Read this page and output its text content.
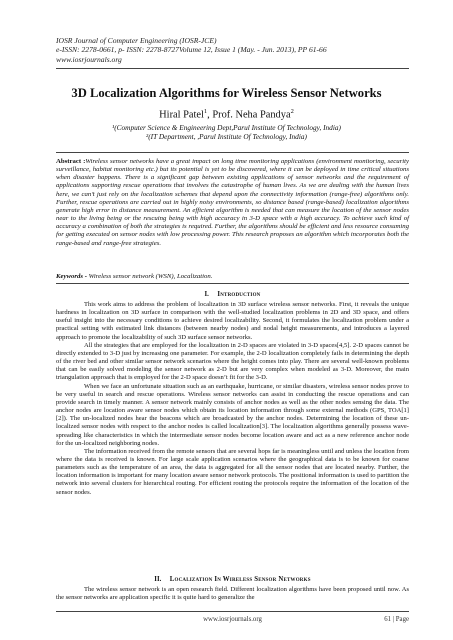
IOSR Journal of Computer Engineering (IOSR-JCE)
e-ISSN: 2278-0661, p- ISSN: 2278-8727Volume 12, Issue 1 (May. - Jun. 2013), PP 61-66
www.iosrjournals.org
3D Localization Algorithms for Wireless Sensor Networks
Hiral Patel$^1$, Prof. Neha Pandya$^2$
¹(Computer Science & Engineering Dept,Parul Institute Of Technology, India)
²(IT Department, ,Parul Institute Of Technology, India)
Abstract :Wireless sensor networks have a great impact on long time monitoring applications (environment monitoring, security surveillance, habitat monitoring etc.) but its potential is yet to be discovered, where it can be deployed in time critical situations when disaster happens. There is a significant gap between existing applications of sensor networks and the requirement of applications supporting rescue operations that involves the catastrophe of human lives. As we are dealing with the human lives here, we can’t just rely on the localization schemes that depend upon the connectivity information (range-free) algorithms only. Further, rescue operations are carried out in highly noisy environments, so distance based (range-based) localization algorithms generate high error in distance measurement. An efficient algorithm is needed that can measure the location of the sensor nodes near to the living being or the rescuing being with high accuracy in 3-D space with a high accuracy. To achieve such kind of accuracy a combination of both the strategies is required. Further, the algorithms should be efficient and less resource consuming for getting executed on sensor nodes with low processing power. This research proposes an algorithm which incorporates both the range-based and range-free strategies.
Keywords - Wireless sensor network (WSN), Localization.
I. Introduction

This work aims to address the problem of localization in 3D surface wireless sensor networks. First, it reveals the unique hardness in localization on 3D surface in comparison with the well-studied localization problems in 2D and 3D space, and offers useful insight into the necessary conditions to achieve desired localizability. Second, it formulates the localization problem under a practical setting with estimated link distances (between nearby nodes) and nodal height measurements, and introduces a layered approach to promote the localizability of such 3D surface sensor networks.

All the strategies that are employed for the localization in 2-D spaces are violated in 3-D spaces[4,5]. 2-D spaces cannot be directly extended to 3-D just by increasing one parameter. For example, the 2-D localization completely fails in determining the depth of the river bed and other similar sensor network scenarios where the height comes into play. There are several well-known problems that can be easily solved modeling the sensor network as 2-D but are very complex when modeled as 3-D. Moreover, the main triangulation approach that is employed for the 2-D space doesn’t fit for the 3-D.

When we face an unfortunate situation such as an earthquake, hurricane, or similar disasters, wireless sensor nodes prove to be very useful in search and rescue operations. Wireless sensor networks can assist in conducting the rescue operations and can provide search in timely manner. A sensor network mainly consists of anchor nodes as well as the other nodes sensing the data. The anchor nodes are location aware sensor nodes which obtain its location information through some external methods (GPS, TOA[1][2]). The un-localized nodes hear the beacons which are broadcasted by the anchor nodes. Determining the location of these un-localized sensor nodes with respect to the anchor nodes is called localization[3]. The localization algorithms generally possess wave-spreading like characteristics in which the intermediate sensor nodes become location aware and act as a new reference anchor node for the un-localized neighboring nodes.

The information received from the remote sensors that are several hops far is meaningless until and unless the location from where the data is received is known. For large scale application scenarios where the geographical data is to be known for coarse parameters such as the temperature of an area, the data is aggregated for all the sensor nodes that are located nearby. Further, the location information is important for many location aware sensor network protocols. The positional information is used to partition the network into several clusters for hierarchical routing. For efficient routing the protocols require the information of the location of the sensor nodes.

II. Localization In Wireless Sensor Networks

The wireless sensor network is an open research field. Different localization algorithms have been proposed until now. As the sensor networks are application specific it is quite hard to generalize the

www.iosrjournals.org	61 | Page
